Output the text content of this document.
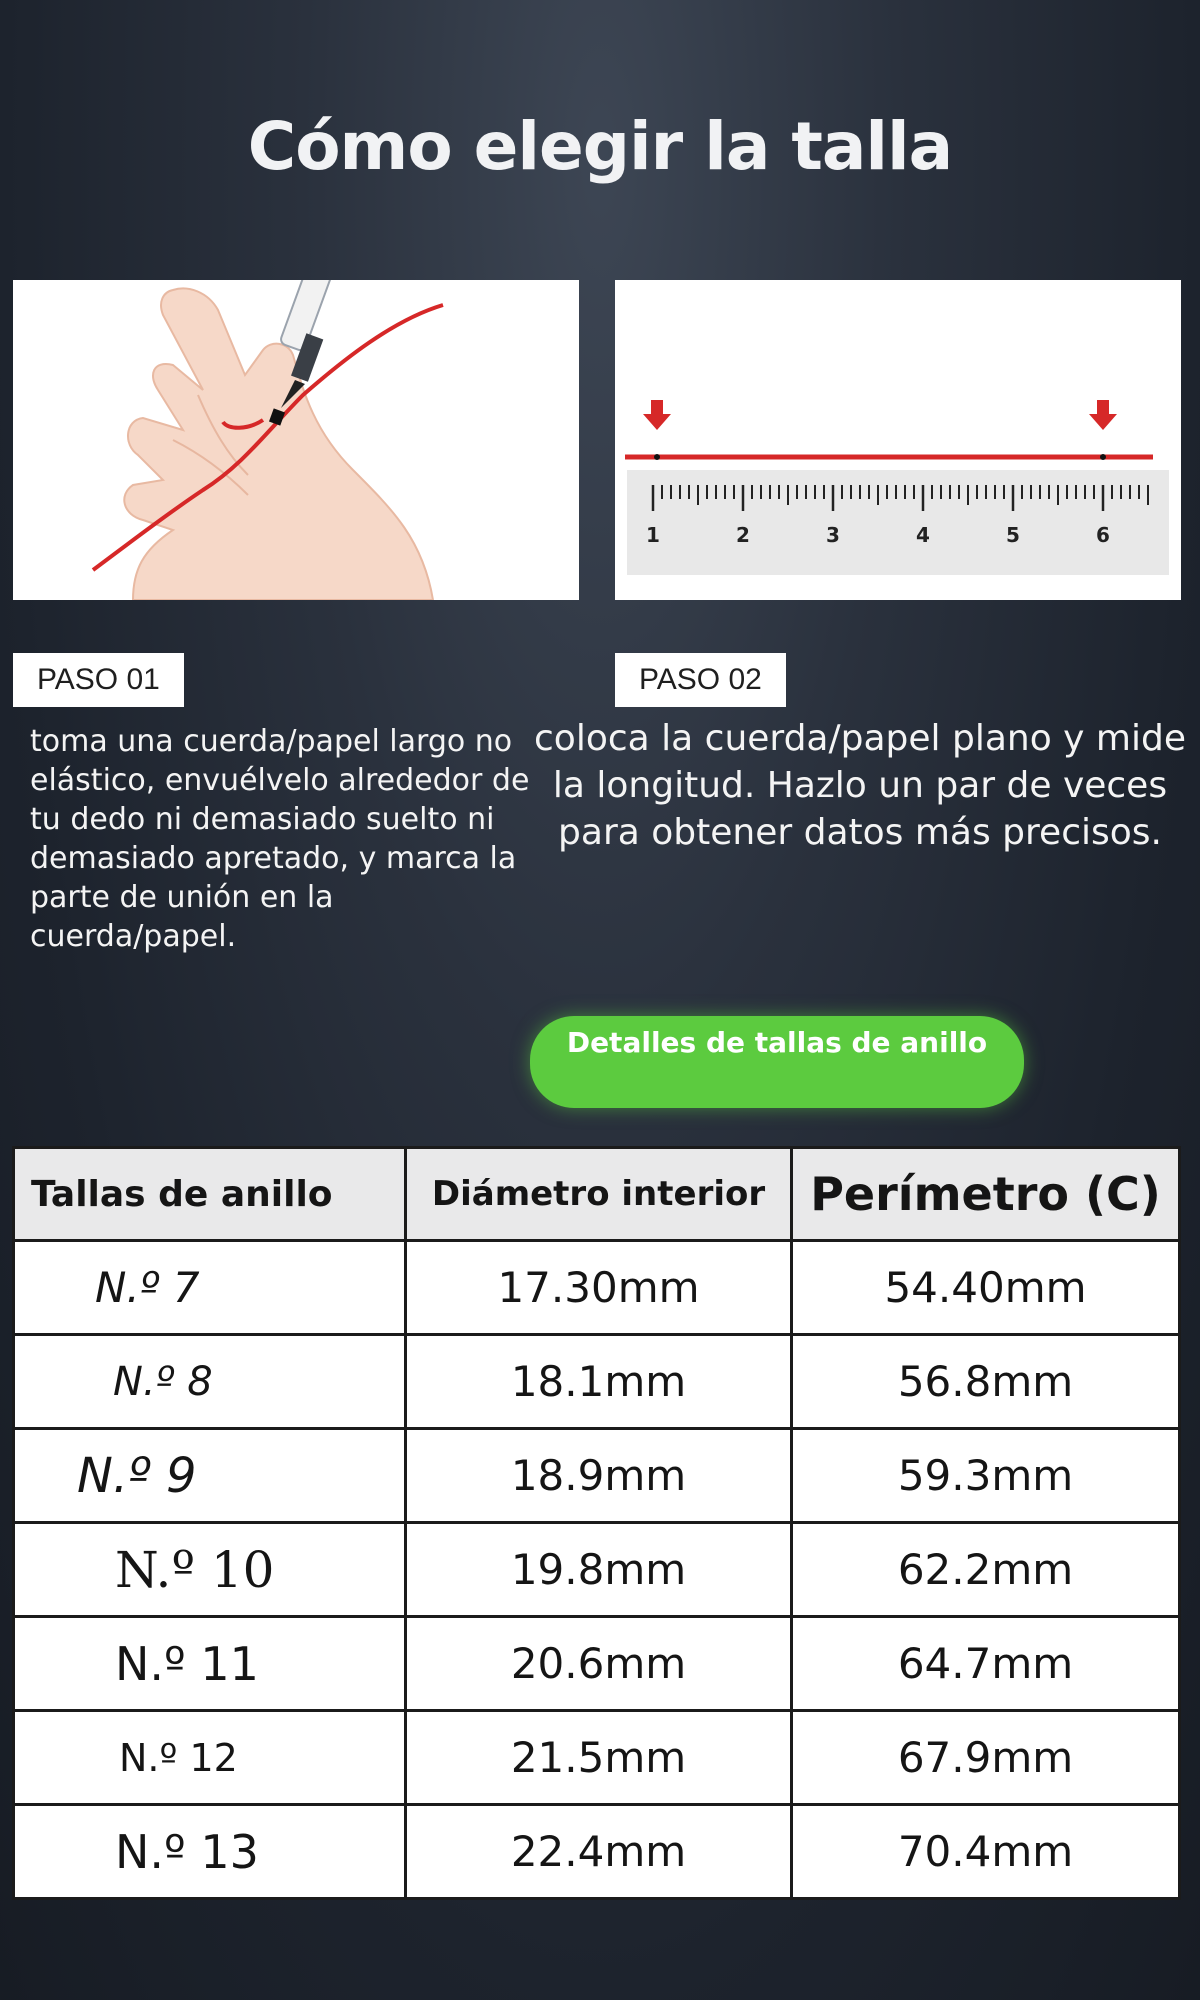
Cómo elegir la talla
1	2	3	4	5	6
PASO 01	PASO 02
toma una cuerda/papel largo no elástico, envuélvelo alrededor de tu dedo ni demasiado suelto ni demasiado apretado, y marca la parte de unión en la cuerda/papel.
coloca la cuerda/papel plano y mide la longitud. Hazlo un par de veces para obtener datos más precisos.
Detalles de tallas de anillo
Tallas de anillo	Diámetro interior	Perímetro (C)
N.º 7	17.30mm	54.40mm
N.º 8	18.1mm	56.8mm
N.º 9	18.9mm	59.3mm
N.º 10	19.8mm	62.2mm
N.º 11	20.6mm	64.7mm
N.º 12	21.5mm	67.9mm
N.º 13	22.4mm	70.4mm
